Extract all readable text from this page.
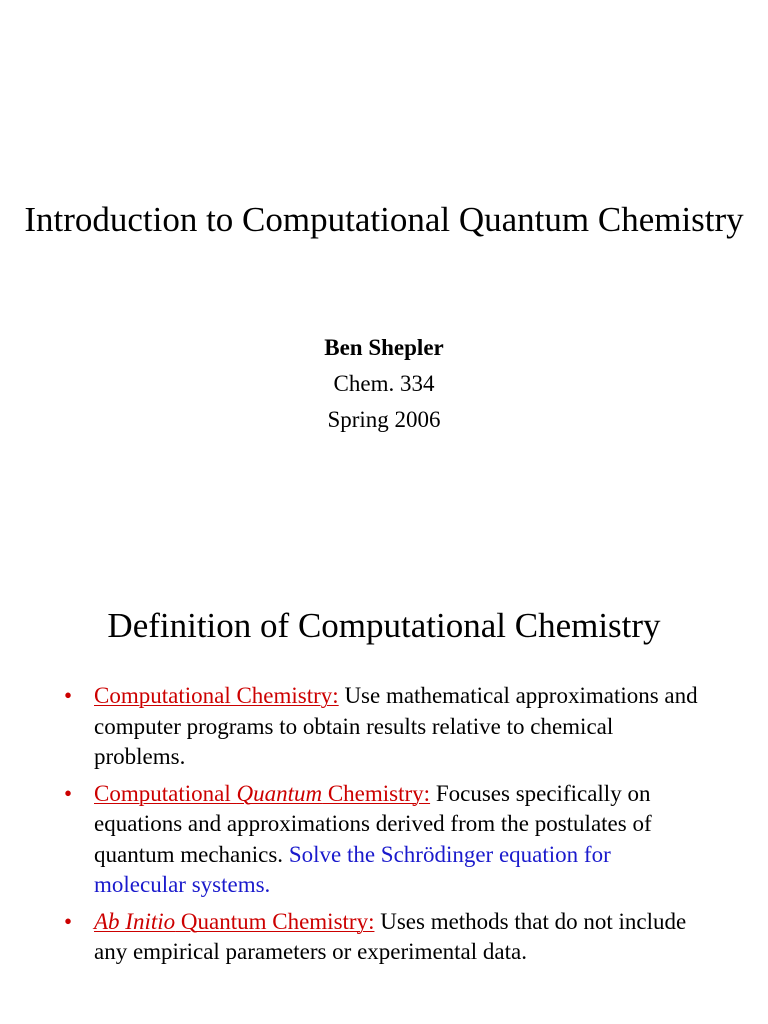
Introduction to Computational Quantum Chemistry
Ben Shepler
Chem. 334
Spring 2006
Definition of Computational Chemistry
• Computational Chemistry: Use mathematical approximations and computer programs to obtain results relative to chemical problems.
• Computational Quantum Chemistry: Focuses specifically on equations and approximations derived from the postulates of quantum mechanics. Solve the Schrödinger equation for molecular systems.
• Ab Initio Quantum Chemistry: Uses methods that do not include any empirical parameters or experimental data.
